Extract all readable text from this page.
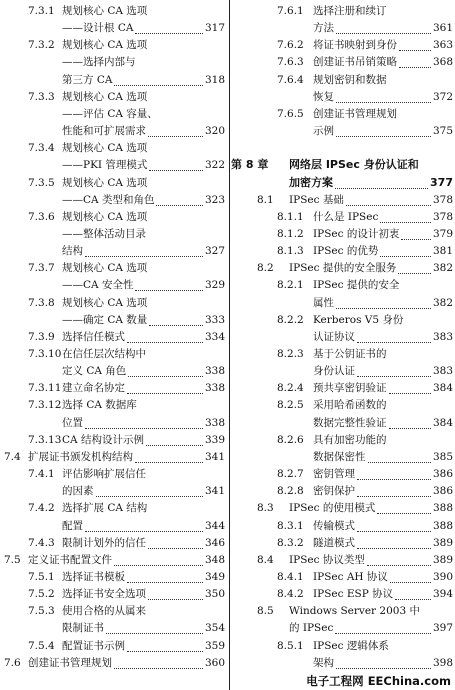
7.3.1 规划核心 CA 选项
——设计根 CA	317
7.3.2 规划核心 CA 选项
——选择内部与
第三方 CA	318
7.3.3 规划核心 CA 选项
——评估 CA 容量、
性能和可扩展需求	320
7.3.4 规划核心 CA 选项
——PKI 管理模式	322
7.3.5 规划核心 CA 选项
——CA 类型和角色	323
7.3.6 规划核心 CA 选项
——整体活动目录
结构	327
7.3.7 规划核心 CA 选项
——CA 安全性	329
7.3.8 规划核心 CA 选项
——确定 CA 数量	333
7.3.9 选择信任模式	334
7.3.10 在信任层次结构中
定义 CA 角色	338
7.3.11 建立命名协定	338
7.3.12 选择 CA 数据库
位置	338
7.3.13 CA 结构设计示例	339
7.4 扩展证书颁发机构结构	341
7.4.1 评估影响扩展信任
的因素	341
7.4.2 选择扩展 CA 结构
配置	344
7.4.3 限制计划外的信任	346
7.5 定义证书配置文件	348
7.5.1 选择证书模板	349
7.5.2 选择证书安全选项	350
7.5.3 使用合格的从属来
限制证书	354
7.5.4 配置证书示例	359
7.6 创建证书管理规划	360
7.6.1 选择注册和续订
方法	361
7.6.2 将证书映射到身份	363
7.6.3 创建证书吊销策略	368
7.6.4 规划密钥和数据
恢复	372
7.6.5 创建证书管理规划
示例	375
第 8 章 网络层 IPSec 身份认证和
加密方案	377
8.1 IPSec 基础	378
8.1.1 什么是 IPSec	378
8.1.2 IPSec 的设计初衷	379
8.1.3 IPSec 的优势	381
8.2 IPSec 提供的安全服务	382
8.2.1 IPSec 提供的安全
属性	382
8.2.2 Kerberos V5 身份
认证协议	383
8.2.3 基于公钥证书的
身份认证	383
8.2.4 预共享密钥验证	384
8.2.5 采用哈希函数的
数据完整性验证	384
8.2.6 具有加密功能的
数据保密性	385
8.2.7 密钥管理	386
8.2.8 密钥保护	386
8.3 IPSec 的使用模式	388
8.3.1 传输模式	388
8.3.2 隧道模式	389
8.4 IPSec 协议类型	389
8.4.1 IPSec AH 协议	390
8.4.2 IPSec ESP 协议	394
8.5 Windows Server 2003 中
的 IPSec	397
8.5.1 IPSec 逻辑体系
架构	398
电子工程网 EEChina.com
